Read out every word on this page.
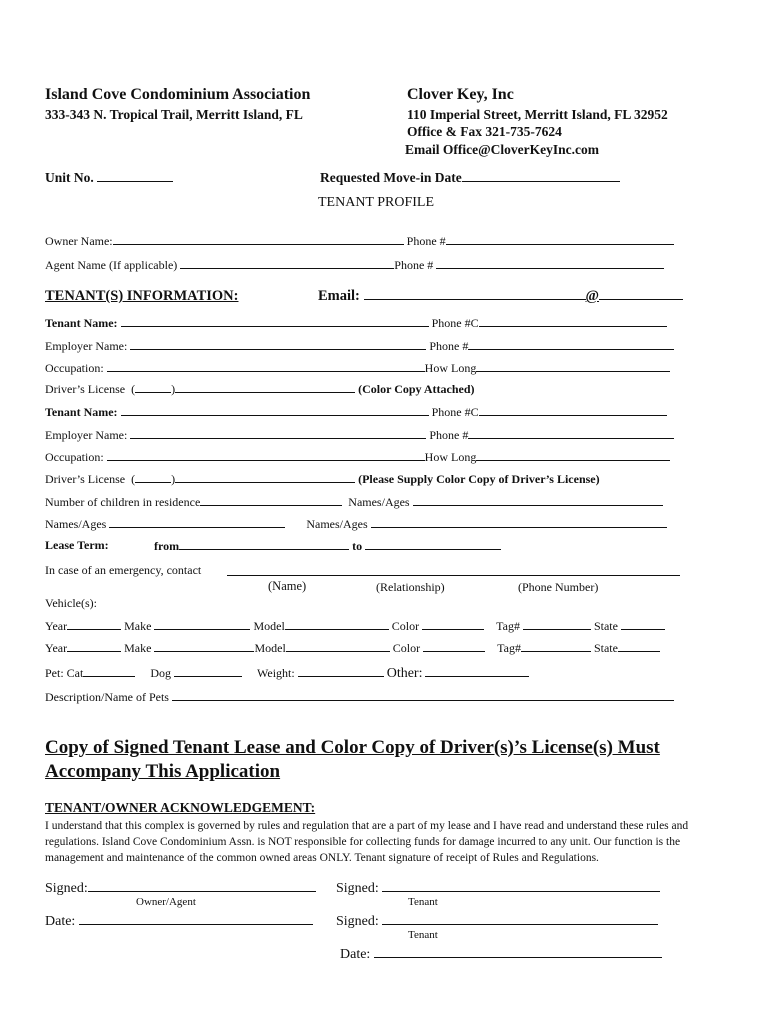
Island Cove Condominium Association
333-343 N. Tropical Trail, Merritt Island, FL
Clover Key, Inc
110 Imperial Street, Merritt Island, FL 32952
Office & Fax 321-735-7624
Email Office@CloverKeyInc.com
Unit No.	Requested Move-in Date
TENANT PROFILE
Owner Name:	Phone #
Agent Name (If applicable)	Phone #
TENANT(S) INFORMATION:	Email:	@
Tenant Name:	Phone #C
Employer Name:	Phone #
Occupation:	How Long
Driver’s License (	)	(Color Copy Attached)
Tenant Name:	Phone #C
Employer Name:	Phone #
Occupation:	How Long
Driver’s License (	)	(Please Supply Color Copy of Driver’s License)
Number of children in residence	Names/Ages
Names/Ages	Names/Ages
Lease Term:	from	to
In case of an emergency, contact
(Name)	(Relationship)	(Phone Number)
Vehicle(s):
Year	Make	Model	Color	Tag#	State
Year	Make	Model	Color	Tag#	State
Pet: Cat	Dog	Weight:	Other:
Description/Name of Pets
Copy of Signed Tenant Lease and Color Copy of Driver(s)’s License(s) Must
Accompany This Application
TENANT/OWNER ACKNOWLEDGEMENT:
I understand that this complex is governed by rules and regulation that are a part of my lease and I have read and understand these rules and regulations. Island Cove Condominium Assn. is NOT responsible for collecting funds for damage incurred to any unit. Our function is the management and maintenance of the common owned areas ONLY. Tenant signature of receipt of Rules and Regulations.
Signed:
Owner/Agent
Signed:
Tenant
Date:	Signed:
Tenant
Date:
